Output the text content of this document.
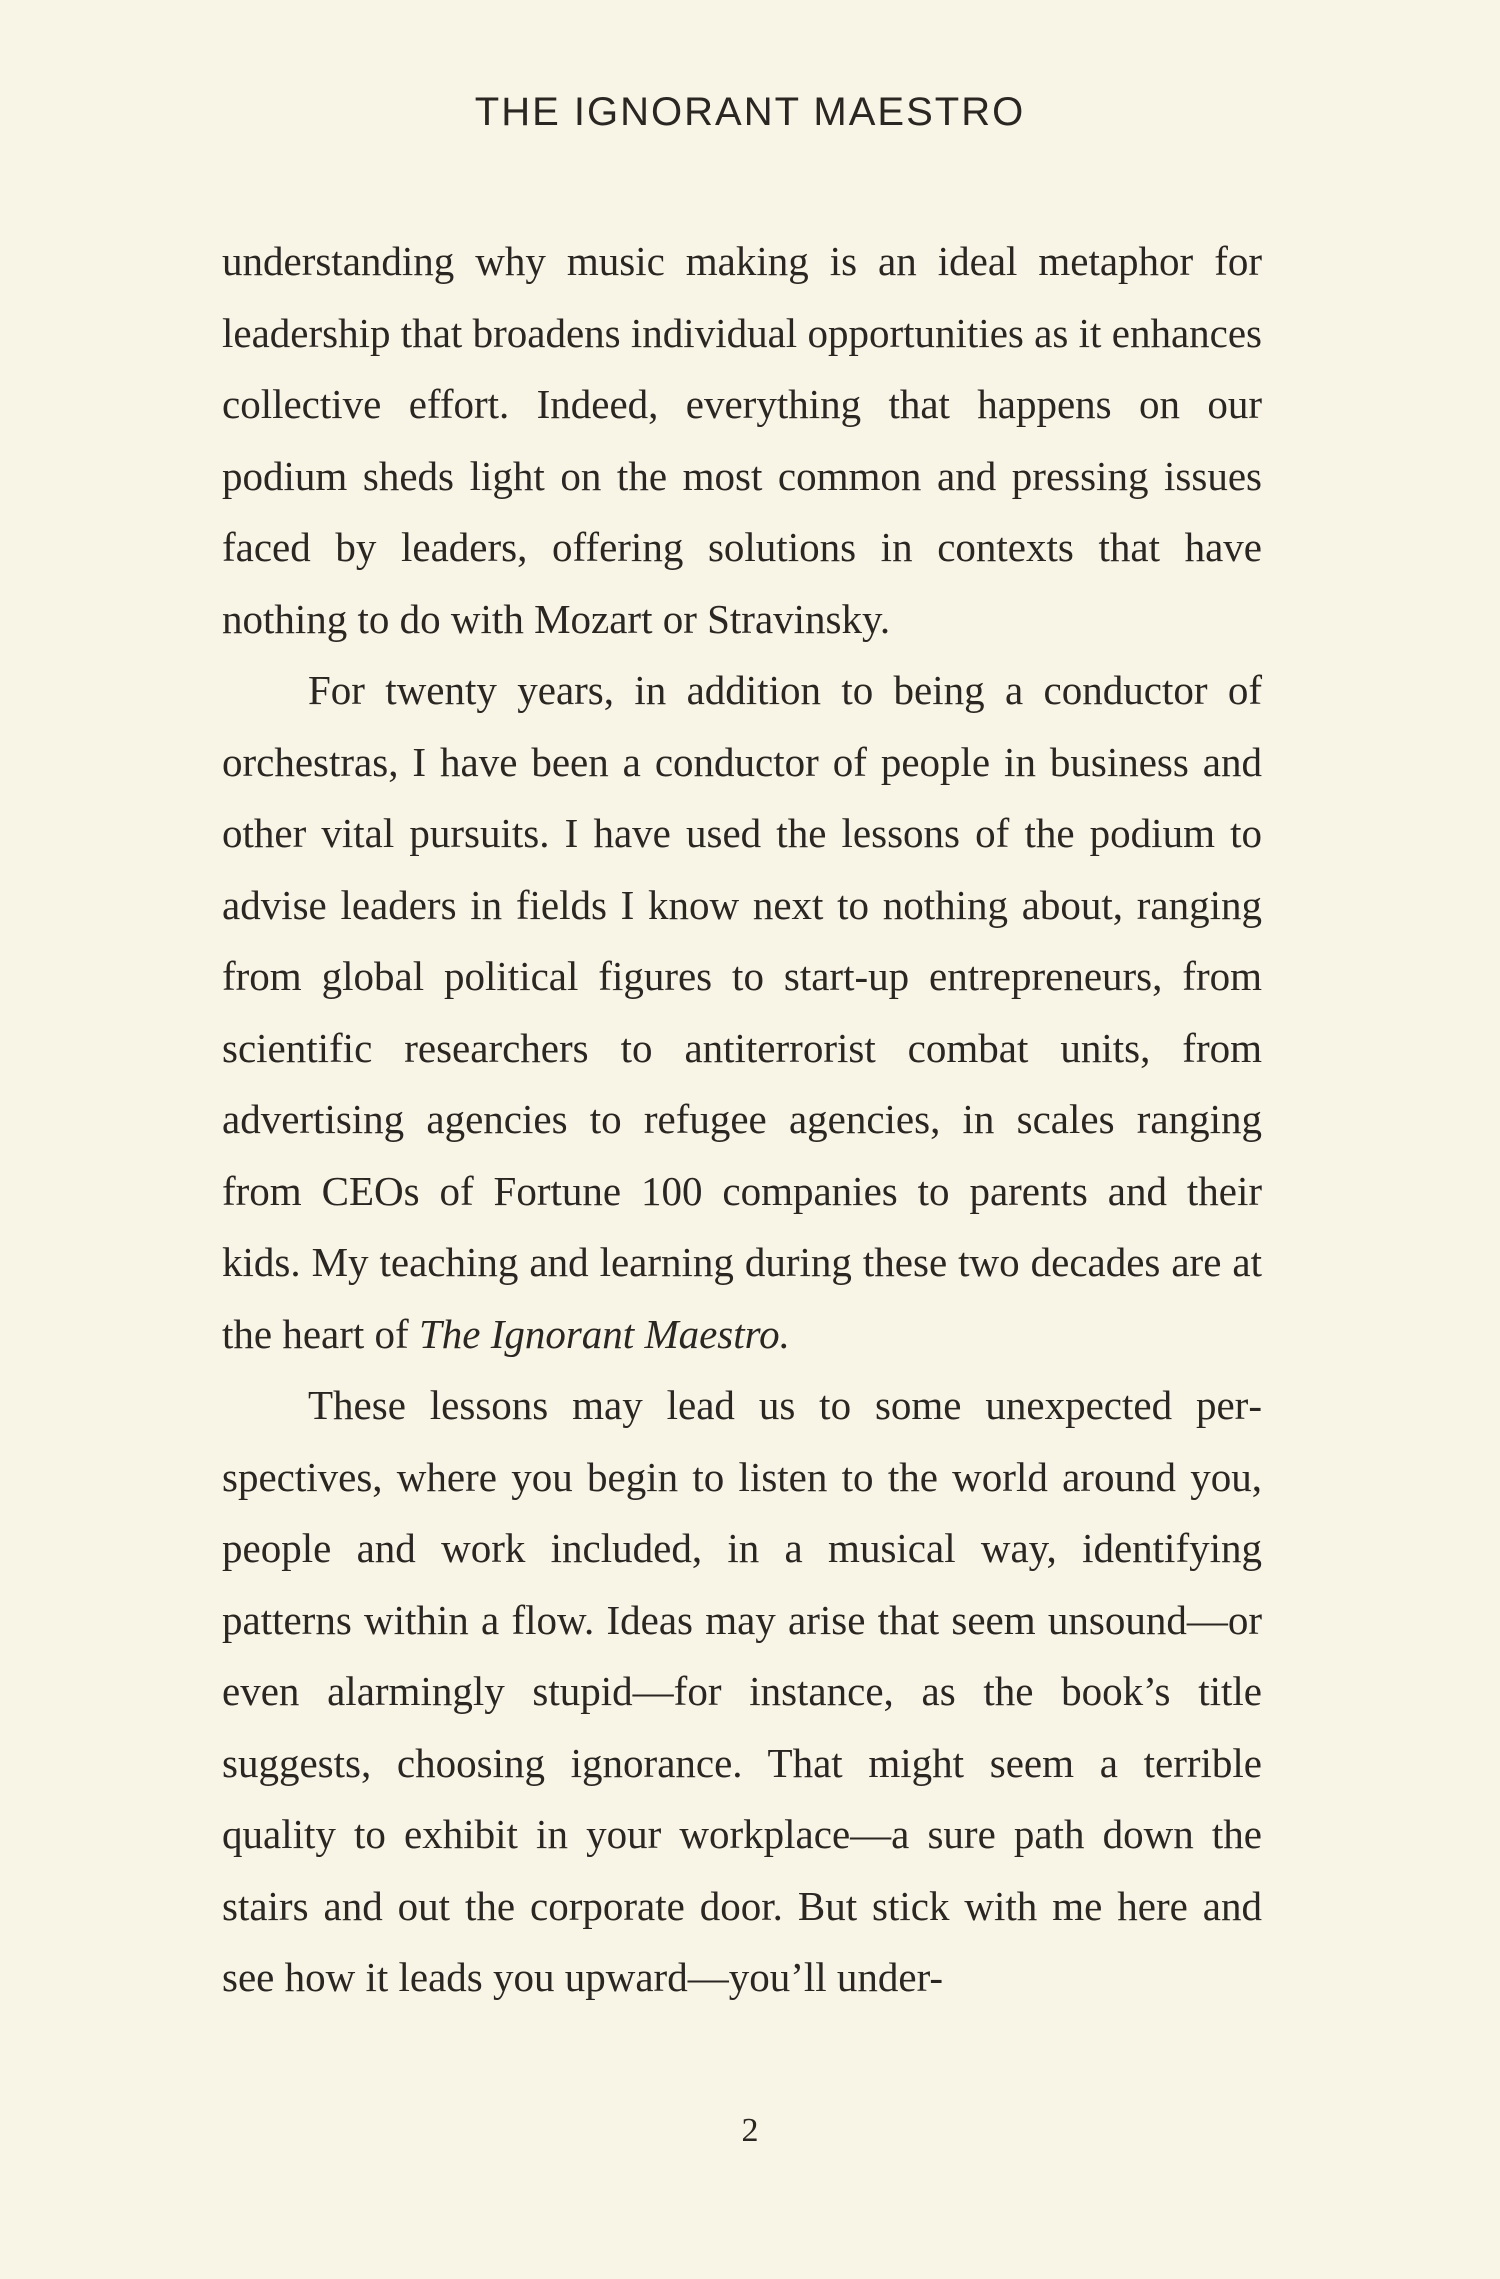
THE IGNORANT MAESTRO

understanding why music making is an ideal metaphor for leadership that broadens individual opportunities as it enhances collective effort. Indeed, everything that happens on our podium sheds light on the most common and pressing issues faced by leaders, offering solutions in contexts that have nothing to do with Mozart or Stravinsky.

For twenty years, in addition to being a conductor of orchestras, I have been a conductor of people in business and other vital pursuits. I have used the lessons of the podium to advise leaders in fields I know next to nothing about, ranging from global political figures to start-up entrepreneurs, from scientific researchers to antiterrorist combat units, from advertising agencies to refugee agencies, in scales ranging from CEOs of Fortune 100 companies to parents and their kids. My teaching and learning during these two decades are at the heart of The Ignorant Maestro.

These lessons may lead us to some unexpected perspectives, where you begin to listen to the world around you, people and work included, in a musical way, identifying patterns within a flow. Ideas may arise that seem unsound—or even alarmingly stupid—for instance, as the book’s title suggests, choosing ignorance. That might seem a terrible quality to exhibit in your workplace—a sure path down the stairs and out the corporate door. But stick with me here and see how it leads you upward—you’ll under-

2
